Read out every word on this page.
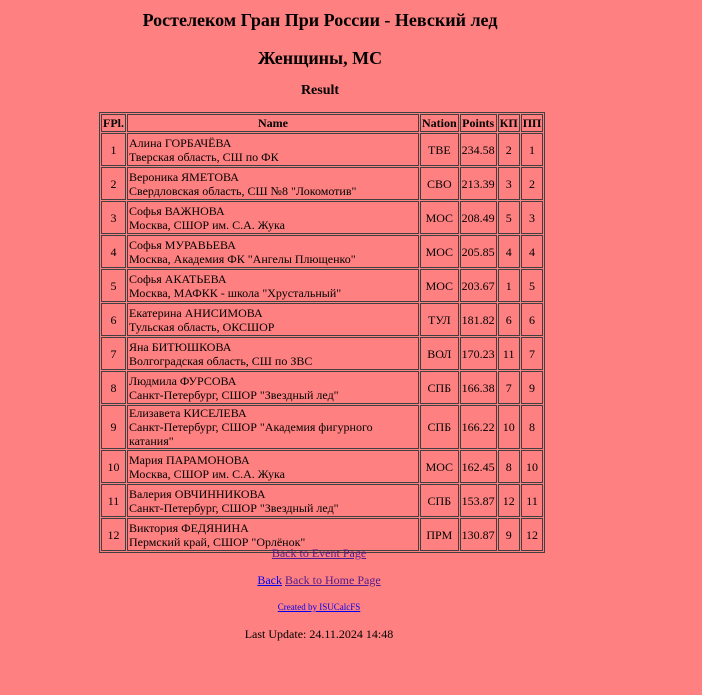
Ростелеком Гран При России - Невский лед
Женщины, МС
Result
FPl.	Name	Nation	Points	КП	ПП
1	Алина ГОРБАЧЁВА
Тверская область, СШ по ФК	ТВЕ	234.58	2	1
2	Вероника ЯМЕТОВА
Свердловская область, СШ №8 "Локомотив"	СВО	213.39	3	2
3	Софья ВАЖНОВА
Москва, СШОР им. С.А. Жука	МОС	208.49	5	3
4	Софья МУРАВЬЕВА
Москва, Академия ФК "Ангелы Плющенко"	МОС	205.85	4	4
5	Софья АКАТЬЕВА
Москва, МАФКК - школа "Хрустальный"	МОС	203.67	1	5
6	Екатерина АНИСИМОВА
Тульская область, ОКСШОР	ТУЛ	181.82	6	6
7	Яна БИТЮШКОВА
Волгоградская область, СШ по ЗВС	ВОЛ	170.23	11	7
8	Людмила ФУРСОВА
Санкт-Петербург, СШОР "Звездный лед"	СПБ	166.38	7	9
9	Елизавета КИСЕЛЕВА
Санкт-Петербург, СШОР "Академия фигурного катания"	СПБ	166.22	10	8
10	Мария ПАРАМОНОВА
Москва, СШОР им. С.А. Жука	МОС	162.45	8	10
11	Валерия ОВЧИННИКОВА
Санкт-Петербург, СШОР "Звездный лед"	СПБ	153.87	12	11
12	Виктория ФЕДЯНИНА
Пермский край, СШОР "Орлёнок"	ПРМ	130.87	9	12
Back to Event Page
Back Back to Home Page
Created by ISUCalcFS
Last Update: 24.11.2024 14:48
